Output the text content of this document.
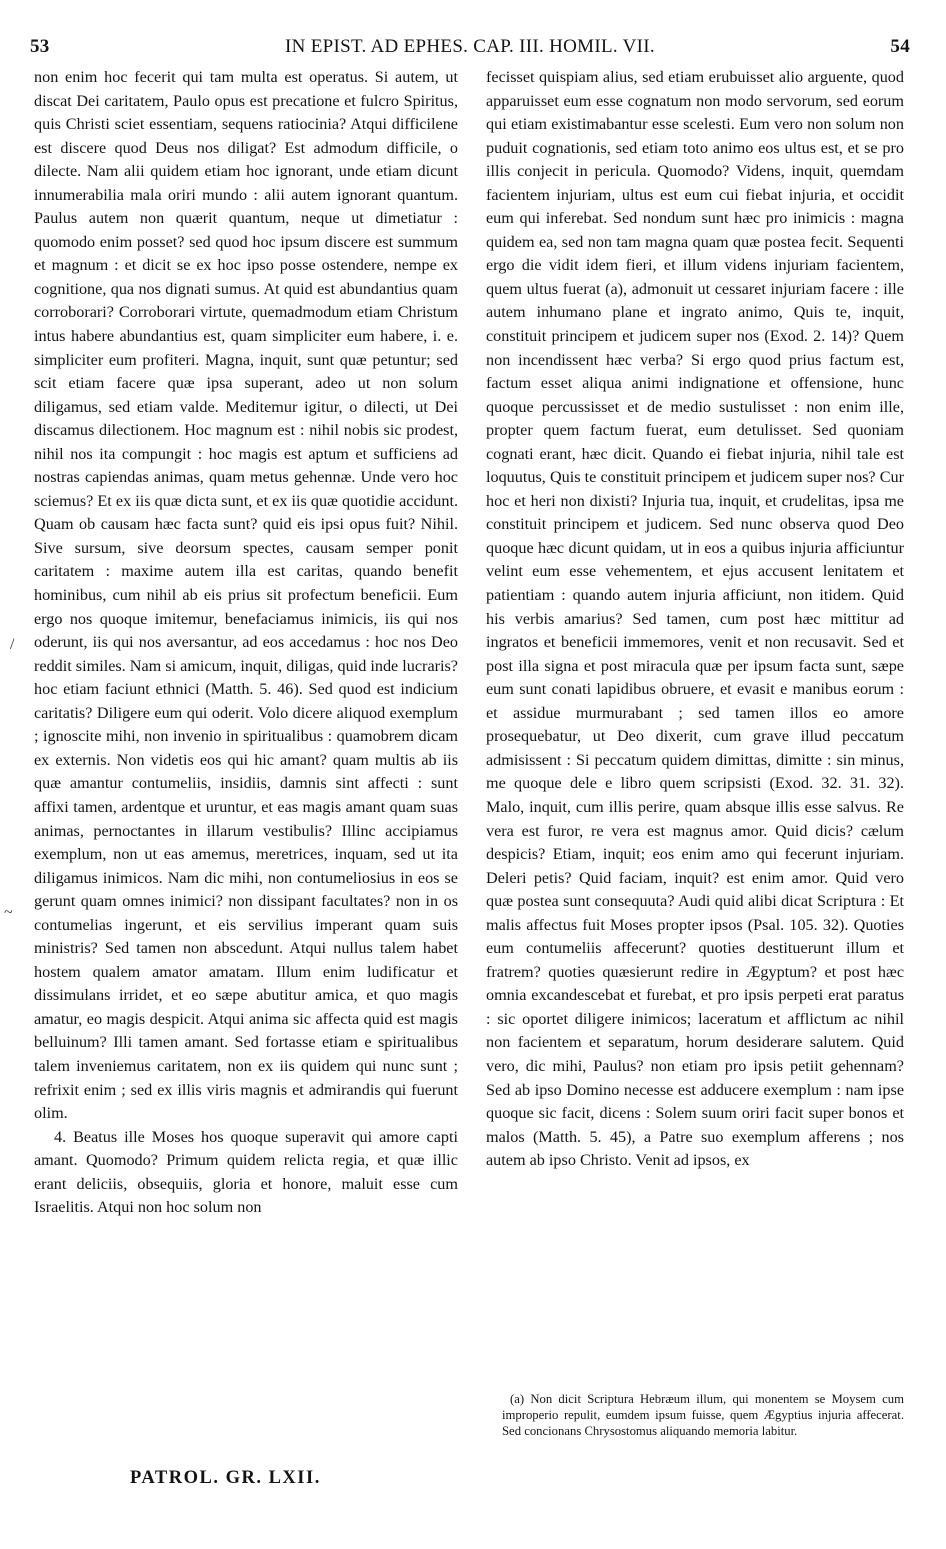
53	IN EPIST. AD EPHES. CAP. III. HOMIL. VII.	54
/
~

non enim hoc fecerit qui tam multa est operatus. Si autem, ut discat Dei caritatem, Paulo opus est precatione et fulcro Spiritus, quis Christi sciet essentiam, sequens ratiocinia? Atqui difficilene est discere quod Deus nos diligat? Est admodum difficile, o dilecte. Nam alii quidem etiam hoc ignorant, unde etiam dicunt innumerabilia mala oriri mundo : alii autem ignorant quantum. Paulus autem non quærit quantum, neque ut dimetiatur : quomodo enim posset? sed quod hoc ipsum discere est summum et magnum : et dicit se ex hoc ipso posse ostendere, nempe ex cognitione, qua nos dignati sumus. At quid est abundantius quam corroborari? Corroborari virtute, quemadmodum etiam Christum intus habere abundantius est, quam simpliciter eum habere, i. e. simpliciter eum profiteri. Magna, inquit, sunt quæ petuntur; sed scit etiam facere quæ ipsa superant, adeo ut non solum diligamus, sed etiam valde. Meditemur igitur, o dilecti, ut Dei discamus dilectionem. Hoc magnum est : nihil nobis sic prodest, nihil nos ita compungit : hoc magis est aptum et sufficiens ad nostras capiendas animas, quam metus gehennæ. Unde vero hoc sciemus? Et ex iis quæ dicta sunt, et ex iis quæ quotidie accidunt. Quam ob causam hæc facta sunt? quid eis ipsi opus fuit? Nihil. Sive sursum, sive deorsum spectes, causam semper ponit caritatem : maxime autem illa est caritas, quando benefit hominibus, cum nihil ab eis prius sit profectum beneficii. Eum ergo nos quoque imitemur, benefaciamus inimicis, iis qui nos oderunt, iis qui nos aversantur, ad eos accedamus : hoc nos Deo reddit similes. Nam si amicum, inquit, diligas, quid inde lucraris? hoc etiam faciunt ethnici (Matth. 5. 46). Sed quod est indicium caritatis? Diligere eum qui oderit. Volo dicere aliquod exemplum ; ignoscite mihi, non invenio in spiritualibus : quamobrem dicam ex externis. Non videtis eos qui hic amant? quam multis ab iis quæ amantur contumeliis, insidiis, damnis sint affecti : sunt affixi tamen, ardentque et uruntur, et eas magis amant quam suas animas, pernoctantes in illarum vestibulis? Illinc accipiamus exemplum, non ut eas amemus, meretrices, inquam, sed ut ita diligamus inimicos. Nam dic mihi, non contumeliosius in eos se gerunt quam omnes inimici? non dissipant facultates? non in os contumelias ingerunt, et eis servilius imperant quam suis ministris? Sed tamen non abscedunt. Atqui nullus talem habet hostem qualem amator amatam. Illum enim ludificatur et dissimulans irridet, et eo sæpe abutitur amica, et quo magis amatur, eo magis despicit. Atqui anima sic affecta quid est magis belluinum? Illi tamen amant. Sed fortasse etiam e spiritualibus talem inveniemus caritatem, non ex iis quidem qui nunc sunt ; refrixit enim ; sed ex illis viris magnis et admirandis qui fuerunt olim.

4. Beatus ille Moses hos quoque superavit qui amore capti amant. Quomodo? Primum quidem relicta regia, et quæ illic erant deliciis, obsequiis, gloria et honore, maluit esse cum Israelitis. Atqui non hoc solum non

fecisset quispiam alius, sed etiam erubuisset alio arguente, quod apparuisset eum esse cognatum non modo servorum, sed eorum qui etiam existimabantur esse scelesti. Eum vero non solum non puduit cognationis, sed etiam toto animo eos ultus est, et se pro illis conjecit in pericula. Quomodo? Videns, inquit, quemdam facientem injuriam, ultus est eum cui fiebat injuria, et occidit eum qui inferebat. Sed nondum sunt hæc pro inimicis : magna quidem ea, sed non tam magna quam quæ postea fecit. Sequenti ergo die vidit idem fieri, et illum videns injuriam facientem, quem ultus fuerat (a), admonuit ut cessaret injuriam facere : ille autem inhumano plane et ingrato animo, Quis te, inquit, constituit principem et judicem super nos (Exod. 2. 14)? Quem non incendissent hæc verba? Si ergo quod prius factum est, factum esset aliqua animi indignatione et offensione, hunc quoque percussisset et de medio sustulisset : non enim ille, propter quem factum fuerat, eum detulisset. Sed quoniam cognati erant, hæc dicit. Quando ei fiebat injuria, nihil tale est loquutus, Quis te constituit principem et judicem super nos? Cur hoc et heri non dixisti? Injuria tua, inquit, et crudelitas, ipsa me constituit principem et judicem. Sed nunc observa quod Deo quoque hæc dicunt quidam, ut in eos a quibus injuria afficiuntur velint eum esse vehementem, et ejus accusent lenitatem et patientiam : quando autem injuria afficiunt, non itidem. Quid his verbis amarius? Sed tamen, cum post hæc mittitur ad ingratos et beneficii immemores, venit et non recusavit. Sed et post illa signa et post miracula quæ per ipsum facta sunt, sæpe eum sunt conati lapidibus obruere, et evasit e manibus eorum : et assidue murmurabant ; sed tamen illos eo amore prosequebatur, ut Deo dixerit, cum grave illud peccatum admisissent : Si peccatum quidem dimittas, dimitte : sin minus, me quoque dele e libro quem scripsisti (Exod. 32. 31. 32). Malo, inquit, cum illis perire, quam absque illis esse salvus. Re vera est furor, re vera est magnus amor. Quid dicis? cælum despicis? Etiam, inquit; eos enim amo qui fecerunt injuriam. Deleri petis? Quid faciam, inquit? est enim amor. Quid vero quæ postea sunt consequuta? Audi quid alibi dicat Scriptura : Et malis affectus fuit Moses propter ipsos (Psal. 105. 32). Quoties eum contumeliis affecerunt? quoties destituerunt illum et fratrem? quoties quæsierunt redire in Ægyptum? et post hæc omnia excandescebat et furebat, et pro ipsis perpeti erat paratus : sic oportet diligere inimicos; laceratum et afflictum ac nihil non facientem et separatum, horum desiderare salutem. Quid vero, dic mihi, Paulus? non etiam pro ipsis petiit gehennam? Sed ab ipso Domino necesse est adducere exemplum : nam ipse quoque sic facit, dicens : Solem suum oriri facit super bonos et malos (Matth. 5. 45), a Patre suo exemplum afferens ; nos autem ab ipso Christo. Venit ad ipsos, ex

(a) Non dicit Scriptura Hebræum illum, qui monentem se Moysem cum improperio repulit, eumdem ipsum fuisse, quem Ægyptius injuria affecerat. Sed concionans Chrysostomus aliquando memoria labitur.

PATROL. GR. LXII.
